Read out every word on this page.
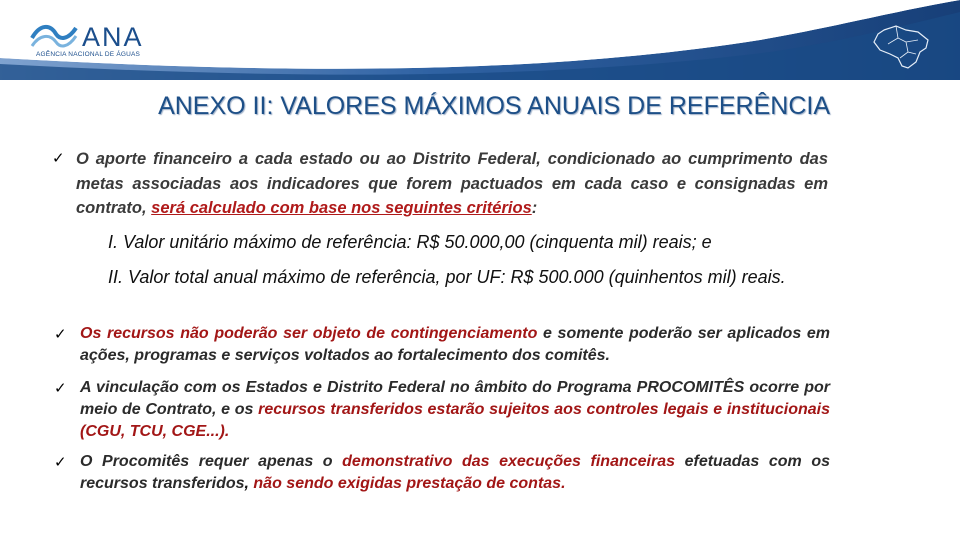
ANA
AGÊNCIA NACIONAL DE ÁGUAS
ANEXO II: VALORES MÁXIMOS ANUAIS DE REFERÊNCIA
✓ O aporte financeiro a cada estado ou ao Distrito Federal, condicionado ao cumprimento das metas associadas aos indicadores que forem pactuados em cada caso e consignadas em contrato, será calculado com base nos seguintes critérios:
I. Valor unitário máximo de referência: R$ 50.000,00 (cinquenta mil) reais; e
II. Valor total anual máximo de referência, por UF: R$ 500.000 (quinhentos mil) reais.
✓ Os recursos não poderão ser objeto de contingenciamento e somente poderão ser aplicados em ações, programas e serviços voltados ao fortalecimento dos comitês.
✓ A vinculação com os Estados e Distrito Federal no âmbito do Programa PROCOMITÊS ocorre por meio de Contrato, e os recursos transferidos estarão sujeitos aos controles legais e institucionais (CGU, TCU, CGE...).
✓ O Procomitês requer apenas o demonstrativo das execuções financeiras efetuadas com os recursos transferidos, não sendo exigidas prestação de contas.
